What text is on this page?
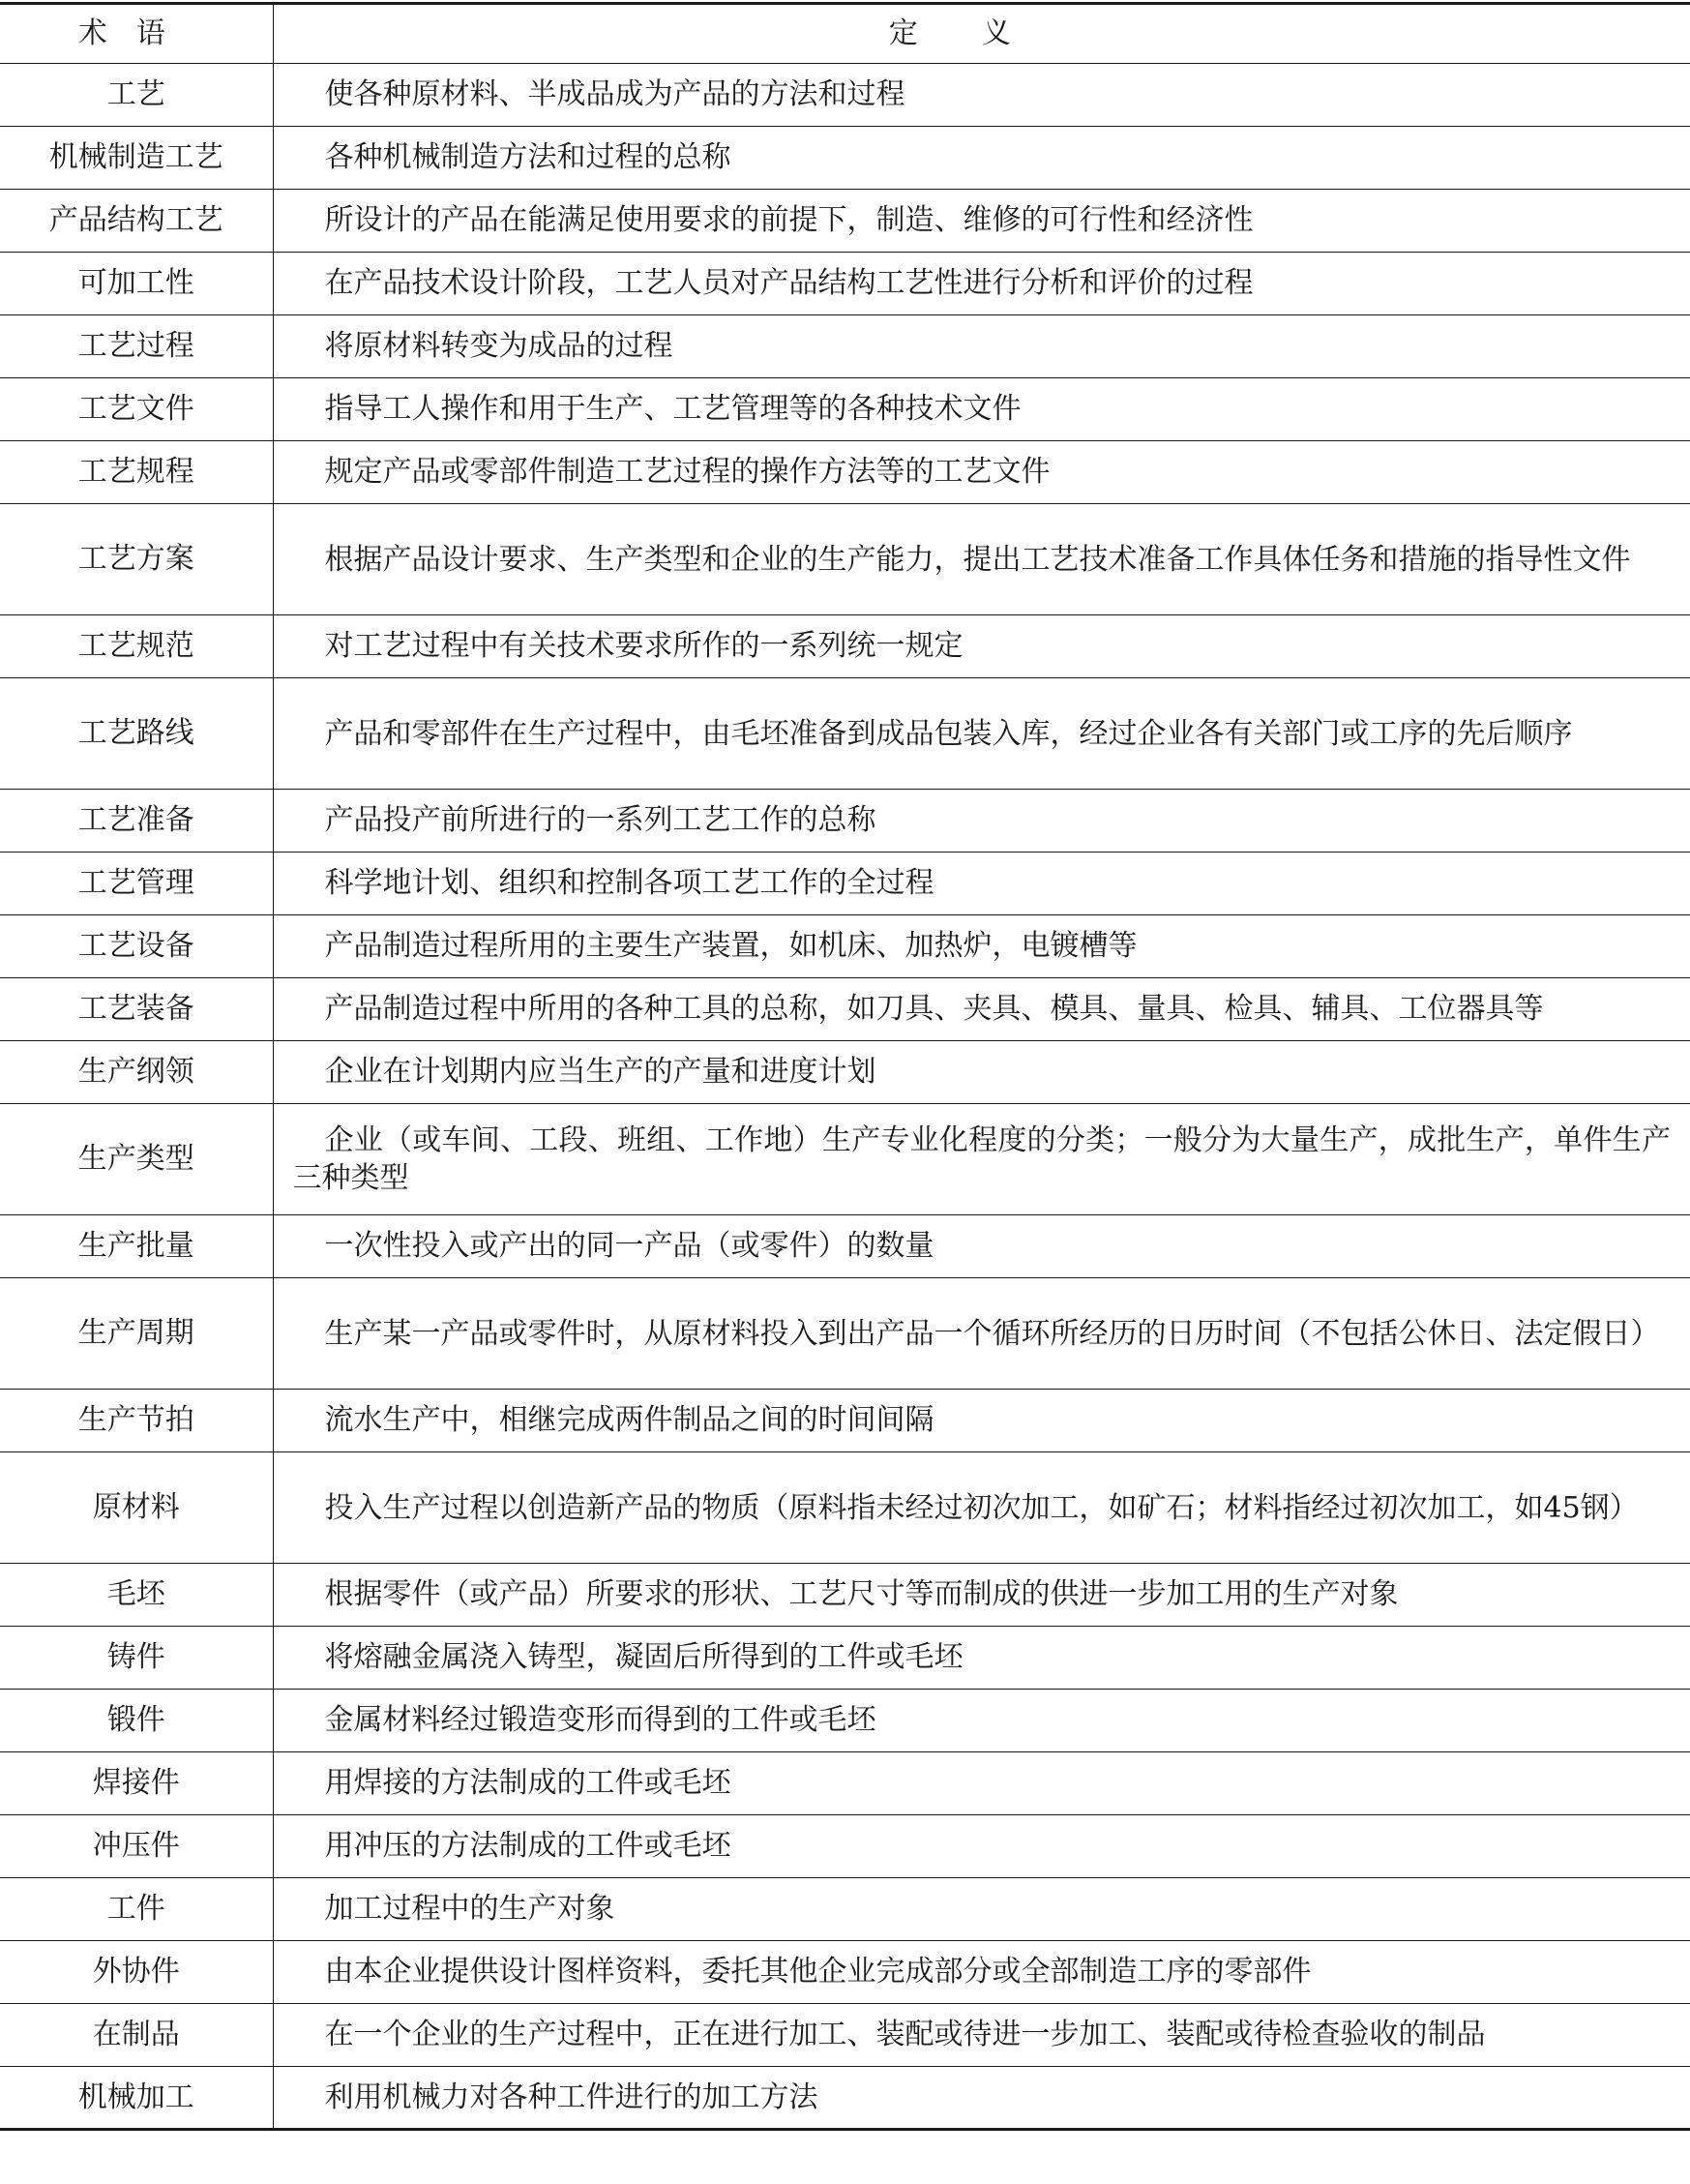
术语	定义
工艺	使各种原材料、半成品成为产品的方法和过程
机械制造工艺	各种机械制造方法和过程的总称
产品结构工艺	所设计的产品在能满足使用要求的前提下，制造、维修的可行性和经济性
可加工性	在产品技术设计阶段，工艺人员对产品结构工艺性进行分析和评价的过程
工艺过程	将原材料转变为成品的过程
工艺文件	指导工人操作和用于生产、工艺管理等的各种技术文件
工艺规程	规定产品或零部件制造工艺过程的操作方法等的工艺文件
工艺方案	根据产品设计要求、生产类型和企业的生产能力，提出工艺技术准备工作具体任务和措施的指导性文件
工艺规范	对工艺过程中有关技术要求所作的一系列统一规定
工艺路线	产品和零部件在生产过程中，由毛坯准备到成品包装入库，经过企业各有关部门或工序的先后顺序
工艺准备	产品投产前所进行的一系列工艺工作的总称
工艺管理	科学地计划、组织和控制各项工艺工作的全过程
工艺设备	产品制造过程所用的主要生产装置，如机床、加热炉，电镀槽等
工艺装备	产品制造过程中所用的各种工具的总称，如刀具、夹具、模具、量具、检具、辅具、工位器具等
生产纲领	企业在计划期内应当生产的产量和进度计划
生产类型	企业（或车间、工段、班组、工作地）生产专业化程度的分类；一般分为大量生产，成批生产，单件生产三种类型
生产批量	一次性投入或产出的同一产品（或零件）的数量
生产周期	生产某一产品或零件时，从原材料投入到出产品一个循环所经历的日历时间（不包括公休日、法定假日）
生产节拍	流水生产中，相继完成两件制品之间的时间间隔
原材料	投入生产过程以创造新产品的物质（原料指未经过初次加工，如矿石；材料指经过初次加工，如45钢）
毛坯	根据零件（或产品）所要求的形状、工艺尺寸等而制成的供进一步加工用的生产对象
铸件	将熔融金属浇入铸型，凝固后所得到的工件或毛坯
锻件	金属材料经过锻造变形而得到的工件或毛坯
焊接件	用焊接的方法制成的工件或毛坯
冲压件	用冲压的方法制成的工件或毛坯
工件	加工过程中的生产对象
外协件	由本企业提供设计图样资料，委托其他企业完成部分或全部制造工序的零部件
在制品	在一个企业的生产过程中，正在进行加工、装配或待进一步加工、装配或待检查验收的制品
机械加工	利用机械力对各种工件进行的加工方法
